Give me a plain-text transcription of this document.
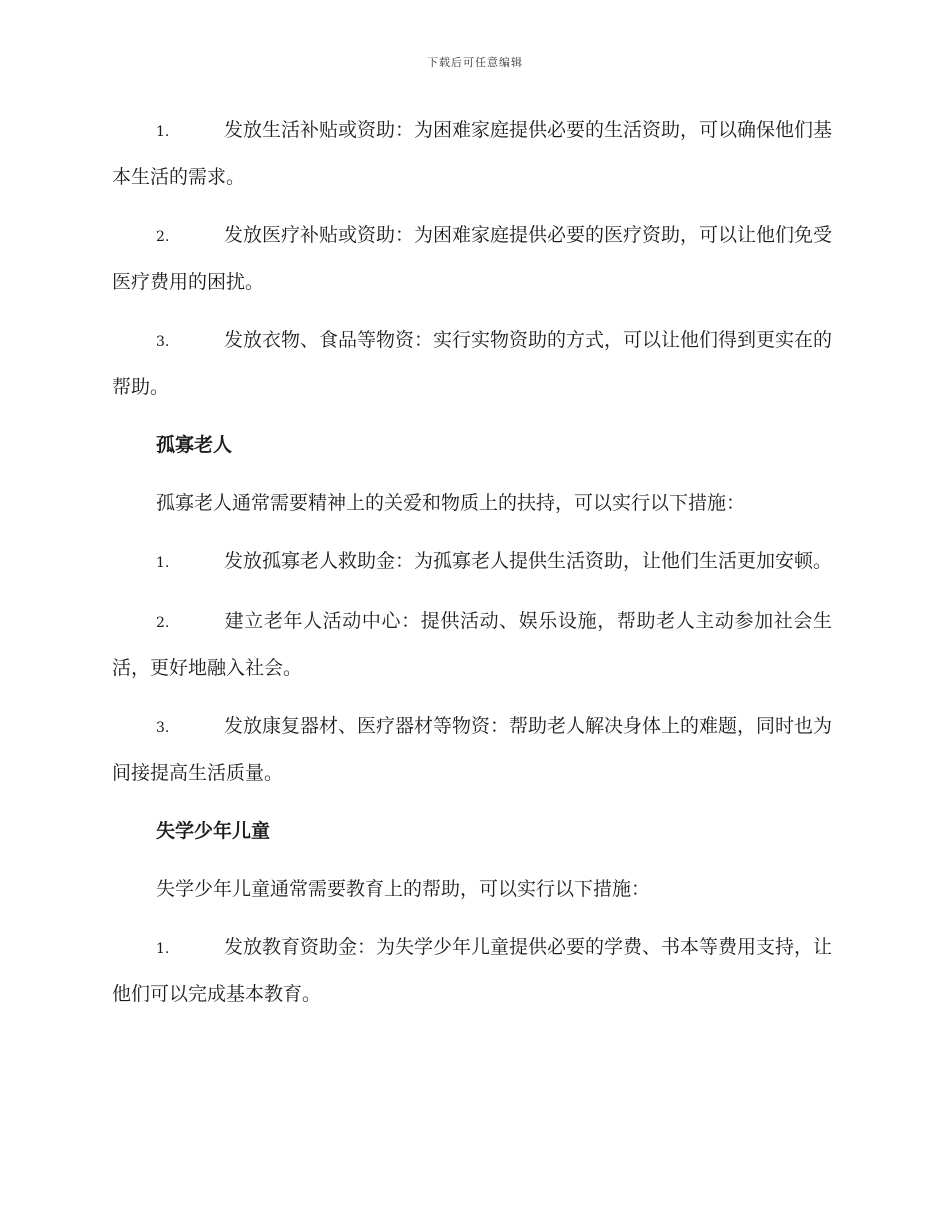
下载后可任意编辑

1.	发放生活补贴或资助：为困难家庭提供必要的生活资助，可以确保他们基本生活的需求。

2.	发放医疗补贴或资助：为困难家庭提供必要的医疗资助，可以让他们免受医疗费用的困扰。

3.	发放衣物、食品等物资：实行实物资助的方式，可以让他们得到更实在的帮助。

孤寡老人

孤寡老人通常需要精神上的关爱和物质上的扶持，可以实行以下措施：

1.	发放孤寡老人救助金：为孤寡老人提供生活资助，让他们生活更加安顿。

2.	建立老年人活动中心：提供活动、娱乐设施，帮助老人主动参加社会生活，更好地融入社会。

3.	发放康复器材、医疗器材等物资：帮助老人解决身体上的难题，同时也为间接提高生活质量。

失学少年儿童

失学少年儿童通常需要教育上的帮助，可以实行以下措施：

1.	发放教育资助金：为失学少年儿童提供必要的学费、书本等费用支持，让他们可以完成基本教育。
